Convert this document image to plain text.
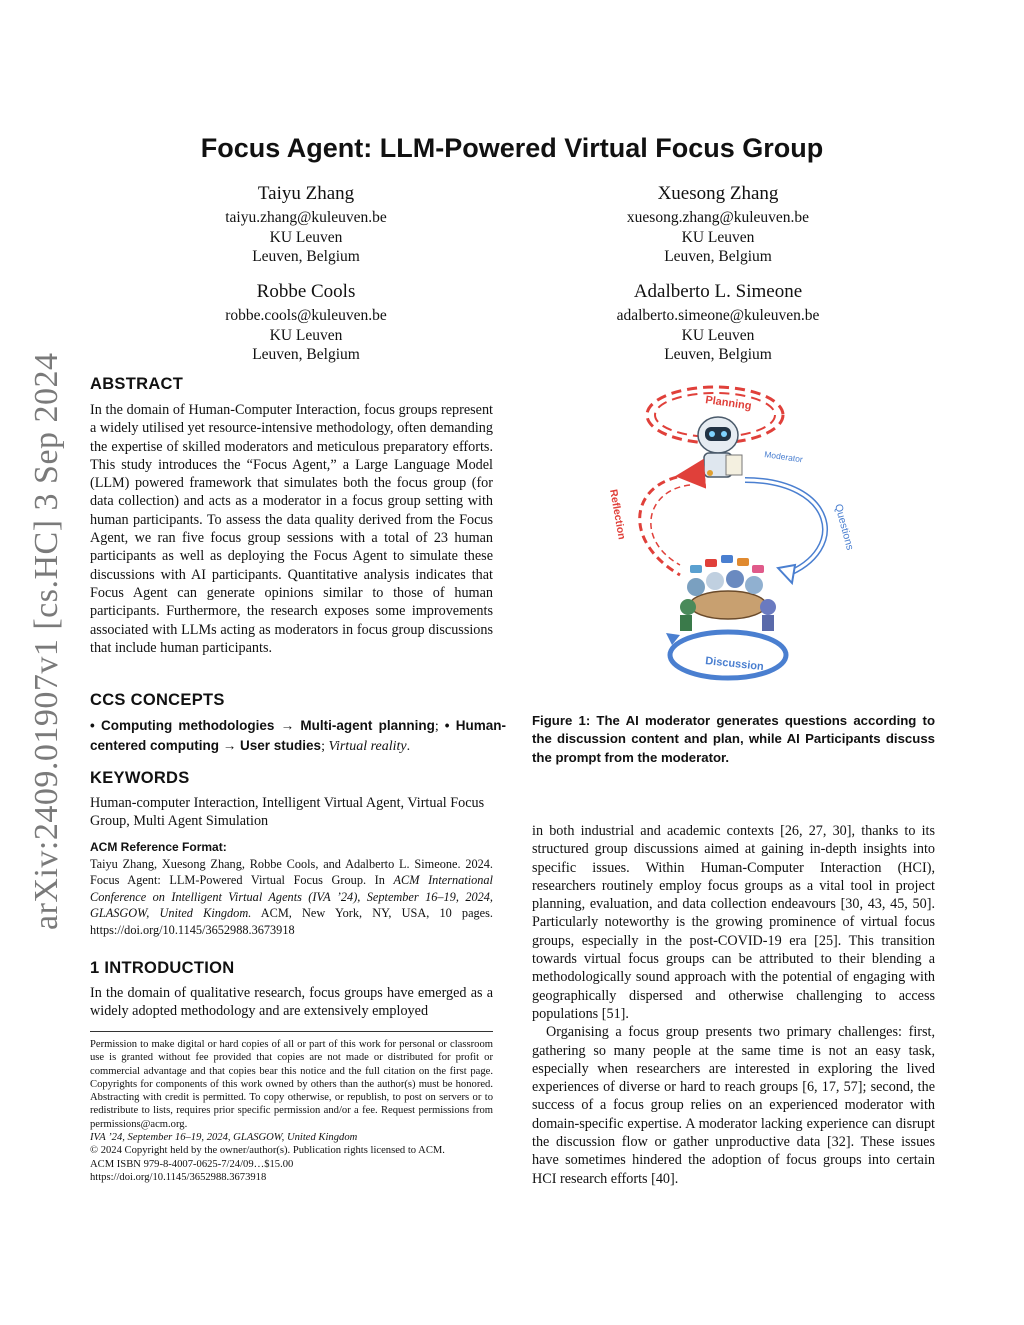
arXiv:2409.01907v1 [cs.HC] 3 Sep 2024
Focus Agent: LLM-Powered Virtual Focus Group
Taiyu Zhang
taiyu.zhang@kuleuven.be
KU Leuven
Leuven, Belgium
Xuesong Zhang
xuesong.zhang@kuleuven.be
KU Leuven
Leuven, Belgium
Robbe Cools
robbe.cools@kuleuven.be
KU Leuven
Leuven, Belgium
Adalberto L. Simeone
adalberto.simeone@kuleuven.be
KU Leuven
Leuven, Belgium
ABSTRACT
In the domain of Human-Computer Interaction, focus groups represent a widely utilised yet resource-intensive methodology, often demanding the expertise of skilled moderators and meticulous preparatory efforts. This study introduces the “Focus Agent,” a Large Language Model (LLM) powered framework that simulates both the focus group (for data collection) and acts as a moderator in a focus group setting with human participants. To assess the data quality derived from the Focus Agent, we ran five focus group sessions with a total of 23 human participants as well as deploying the Focus Agent to simulate these discussions with AI participants. Quantitative analysis indicates that Focus Agent can generate opinions similar to those of human participants. Furthermore, the research exposes some improvements associated with LLMs acting as moderators in focus group discussions that include human participants.
CCS CONCEPTS
• Computing methodologies → Multi-agent planning; • Human-centered computing → User studies; Virtual reality.
KEYWORDS
Human-computer Interaction, Intelligent Virtual Agent, Virtual Focus Group, Multi Agent Simulation
ACM Reference Format:
Taiyu Zhang, Xuesong Zhang, Robbe Cools, and Adalberto L. Simeone. 2024. Focus Agent: LLM-Powered Virtual Focus Group. In ACM International Conference on Intelligent Virtual Agents (IVA ’24), September 16–19, 2024, GLASGOW, United Kingdom. ACM, New York, NY, USA, 10 pages. https://doi.org/10.1145/3652988.3673918
1 INTRODUCTION
In the domain of qualitative research, focus groups have emerged as a widely adopted methodology and are extensively employed

Permission to make digital or hard copies of all or part of this work for personal or classroom use is granted without fee provided that copies are not made or distributed for profit or commercial advantage and that copies bear this notice and the full citation on the first page. Copyrights for components of this work owned by others than the author(s) must be honored. Abstracting with credit is permitted. To copy otherwise, or republish, to post on servers or to redistribute to lists, requires prior specific permission and/or a fee. Request permissions from permissions@acm.org.

IVA ’24, September 16–19, 2024, GLASGOW, United Kingdom

© 2024 Copyright held by the owner/author(s). Publication rights licensed to ACM.

ACM ISBN 979-8-4007-0625-7/24/09…$15.00

https://doi.org/10.1145/3652988.3673918

Planning
Moderator
Reflection	Questions
Discussion
Figure 1: The AI moderator generates questions according to the discussion content and plan, while AI Participants discuss the prompt from the moderator.

in both industrial and academic contexts [26, 27, 30], thanks to its structured group discussions aimed at gaining in-depth insights into specific issues. Within Human-Computer Interaction (HCI), researchers routinely employ focus groups as a vital tool in project planning, evaluation, and data collection endeavours [30, 43, 45, 50]. Particularly noteworthy is the growing prominence of virtual focus groups, especially in the post-COVID-19 era [25]. This transition towards virtual focus groups can be attributed to their blending a methodologically sound approach with the potential of engaging with geographically dispersed and otherwise challenging to access populations [51].

Organising a focus group presents two primary challenges: first, gathering so many people at the same time is not an easy task, especially when researchers are interested in exploring the lived experiences of diverse or hard to reach groups [6, 17, 57]; second, the success of a focus group relies on an experienced moderator with domain-specific expertise. A moderator lacking experience can disrupt the discussion flow or gather unproductive data [32]. These issues have sometimes hindered the adoption of focus groups into certain HCI research efforts [40].
